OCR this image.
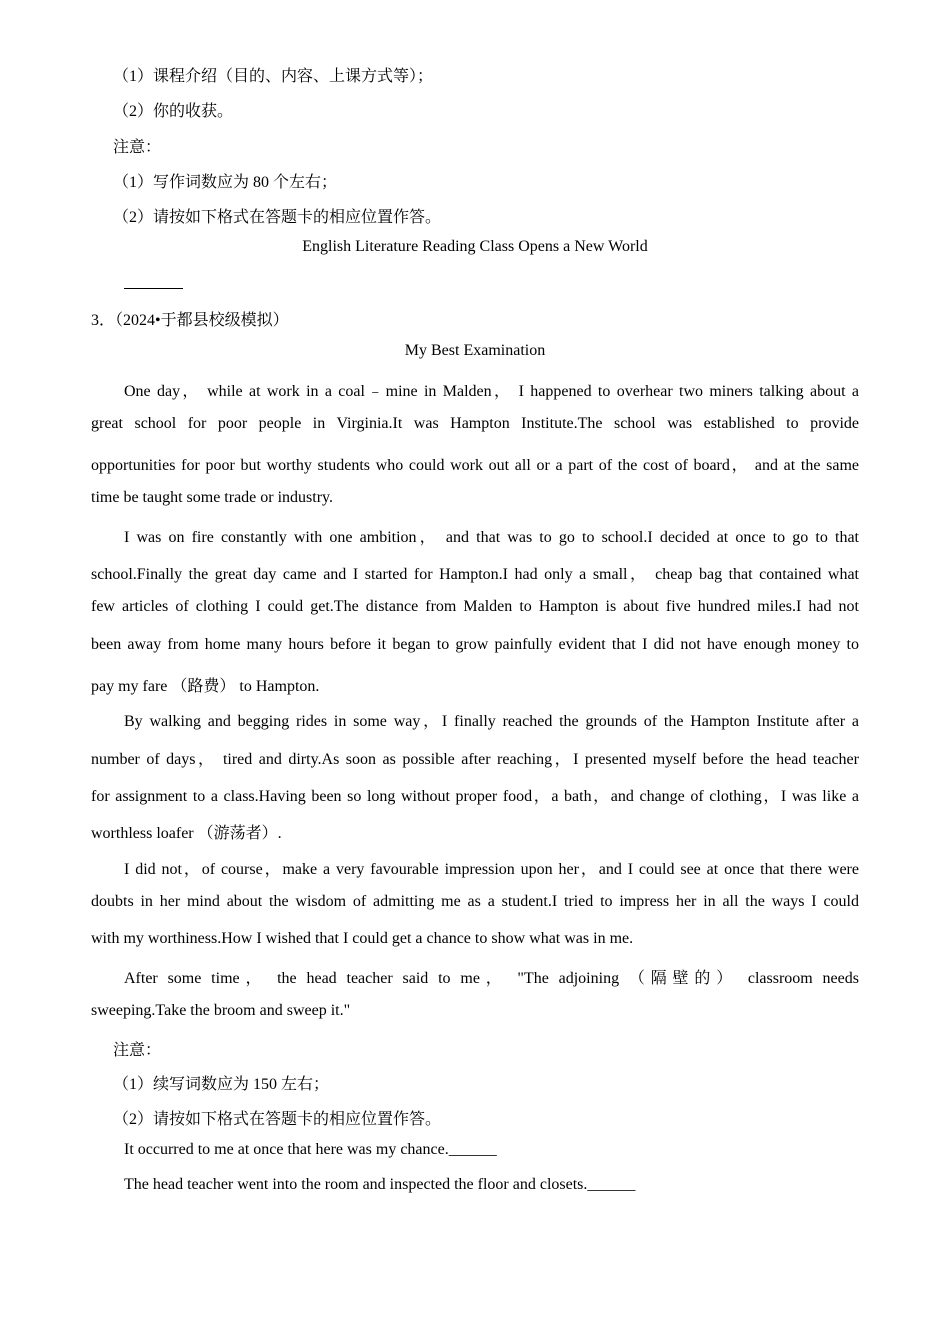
（1）课程介绍（目的、内容、上课方式等）；
（2）你的收获。
注意：
（1）写作词数应为 80 个左右；
（2）请按如下格式在答题卡的相应位置作答。
English Literature Reading Class Opens a New World
3．（2024•于都县校级模拟）
My Best Examination
One day， while at work in a coal﹣mine in Malden， I happened to overhear two miners talking about a
great school for poor people in Virginia.It was Hampton Institute.The school was established to provide
opportunities for poor but worthy students who could work out all or a part of the cost of board， and at the same
time be taught some trade or industry.
I was on fire constantly with one ambition， and that was to go to school.I decided at once to go to that
school.Finally the great day came and I started for Hampton.I had only a small， cheap bag that contained what
few articles of clothing I could get.The distance from Malden to Hampton is about five hundred miles.I had not
been away from home many hours before it began to grow painfully evident that I did not have enough money to
pay my fare （路费） to Hampton.
By walking and begging rides in some way，I finally reached the grounds of the Hampton Institute after a
number of days， tired and dirty.As soon as possible after reaching，I presented myself before the head teacher
for assignment to a class.Having been so long without proper food，a bath，and change of clothing，I was like a
worthless loafer （游荡者）.
I did not，of course，make a very favourable impression upon her，and I could see at once that there were
doubts in her mind about the wisdom of admitting me as a student.I tried to impress her in all the ways I could
with my worthiness.How I wished that I could get a chance to show what was in me.
After some time， the head teacher said to me， "The adjoining （隔壁的） classroom needs
sweeping.Take the broom and sweep it."
注意：
（1）续写词数应为 150 左右；
（2）请按如下格式在答题卡的相应位置作答。
It occurred to me at once that here was my chance.______
The head teacher went into the room and inspected the floor and closets.______
